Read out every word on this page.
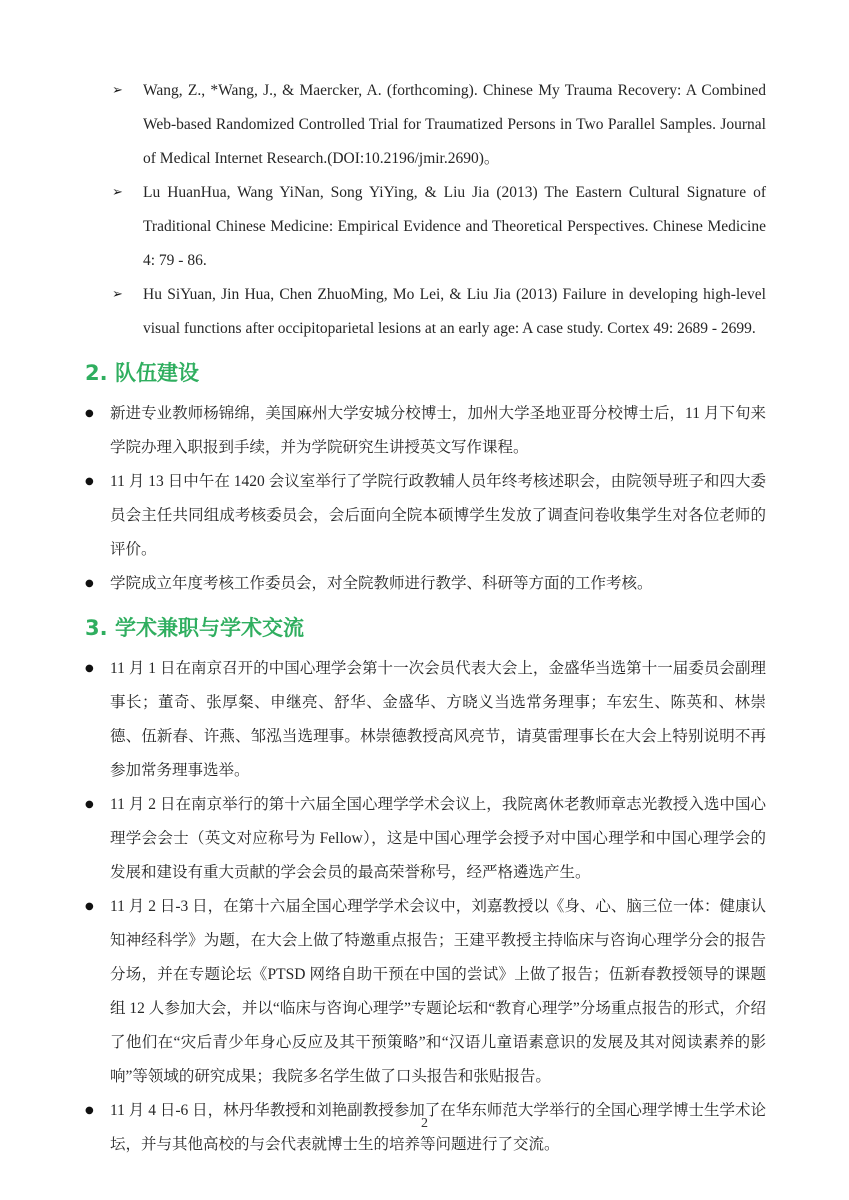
➢	Wang, Z., *Wang, J., & Maercker, A. (forthcoming). Chinese My Trauma Recovery: A Combined Web-based Randomized Controlled Trial for Traumatized Persons in Two Parallel Samples. Journal of Medical Internet Research.(DOI:10.2196/jmir.2690)。
➢	Lu HuanHua, Wang YiNan, Song YiYing, & Liu Jia (2013) The Eastern Cultural Signature of Traditional Chinese Medicine: Empirical Evidence and Theoretical Perspectives. Chinese Medicine 4: 79 - 86.
➢	Hu SiYuan, Jin Hua, Chen ZhuoMing, Mo Lei, & Liu Jia (2013) Failure in developing high-level visual functions after occipitoparietal lesions at an early age: A case study. Cortex 49: 2689 - 2699.
2. 队伍建设
●	新进专业教师杨锦绵，美国麻州大学安城分校博士，加州大学圣地亚哥分校博士后，11 月下旬来学院办理入职报到手续，并为学院研究生讲授英文写作课程。
●	11 月 13 日中午在 1420 会议室举行了学院行政教辅人员年终考核述职会，由院领导班子和四大委员会主任共同组成考核委员会，会后面向全院本硕博学生发放了调查问卷收集学生对各位老师的评价。
●	学院成立年度考核工作委员会，对全院教师进行教学、科研等方面的工作考核。
3. 学术兼职与学术交流
●	11 月 1 日在南京召开的中国心理学会第十一次会员代表大会上，金盛华当选第十一届委员会副理事长；董奇、张厚粲、申继亮、舒华、金盛华、方晓义当选常务理事；车宏生、陈英和、林崇德、伍新春、许燕、邹泓当选理事。林崇德教授高风亮节，请莫雷理事长在大会上特别说明不再参加常务理事选举。
●	11 月 2 日在南京举行的第十六届全国心理学学术会议上，我院离休老教师章志光教授入选中国心理学会会士（英文对应称号为 Fellow），这是中国心理学会授予对中国心理学和中国心理学会的发展和建设有重大贡献的学会会员的最高荣誉称号，经严格遴选产生。
●	11 月 2 日-3 日，在第十六届全国心理学学术会议中，刘嘉教授以《身、心、脑三位一体：健康认知神经科学》为题，在大会上做了特邀重点报告；王建平教授主持临床与咨询心理学分会的报告分场，并在专题论坛《PTSD 网络自助干预在中国的尝试》上做了报告；伍新春教授领导的课题组 12 人参加大会，并以“临床与咨询心理学”专题论坛和“教育心理学”分场重点报告的形式，介绍了他们在“灾后青少年身心反应及其干预策略”和“汉语儿童语素意识的发展及其对阅读素养的影响”等领域的研究成果；我院多名学生做了口头报告和张贴报告。
●	11 月 4 日-6 日，林丹华教授和刘艳副教授参加了在华东师范大学举行的全国心理学博士生学术论坛，并与其他高校的与会代表就博士生的培养等问题进行了交流。
2
